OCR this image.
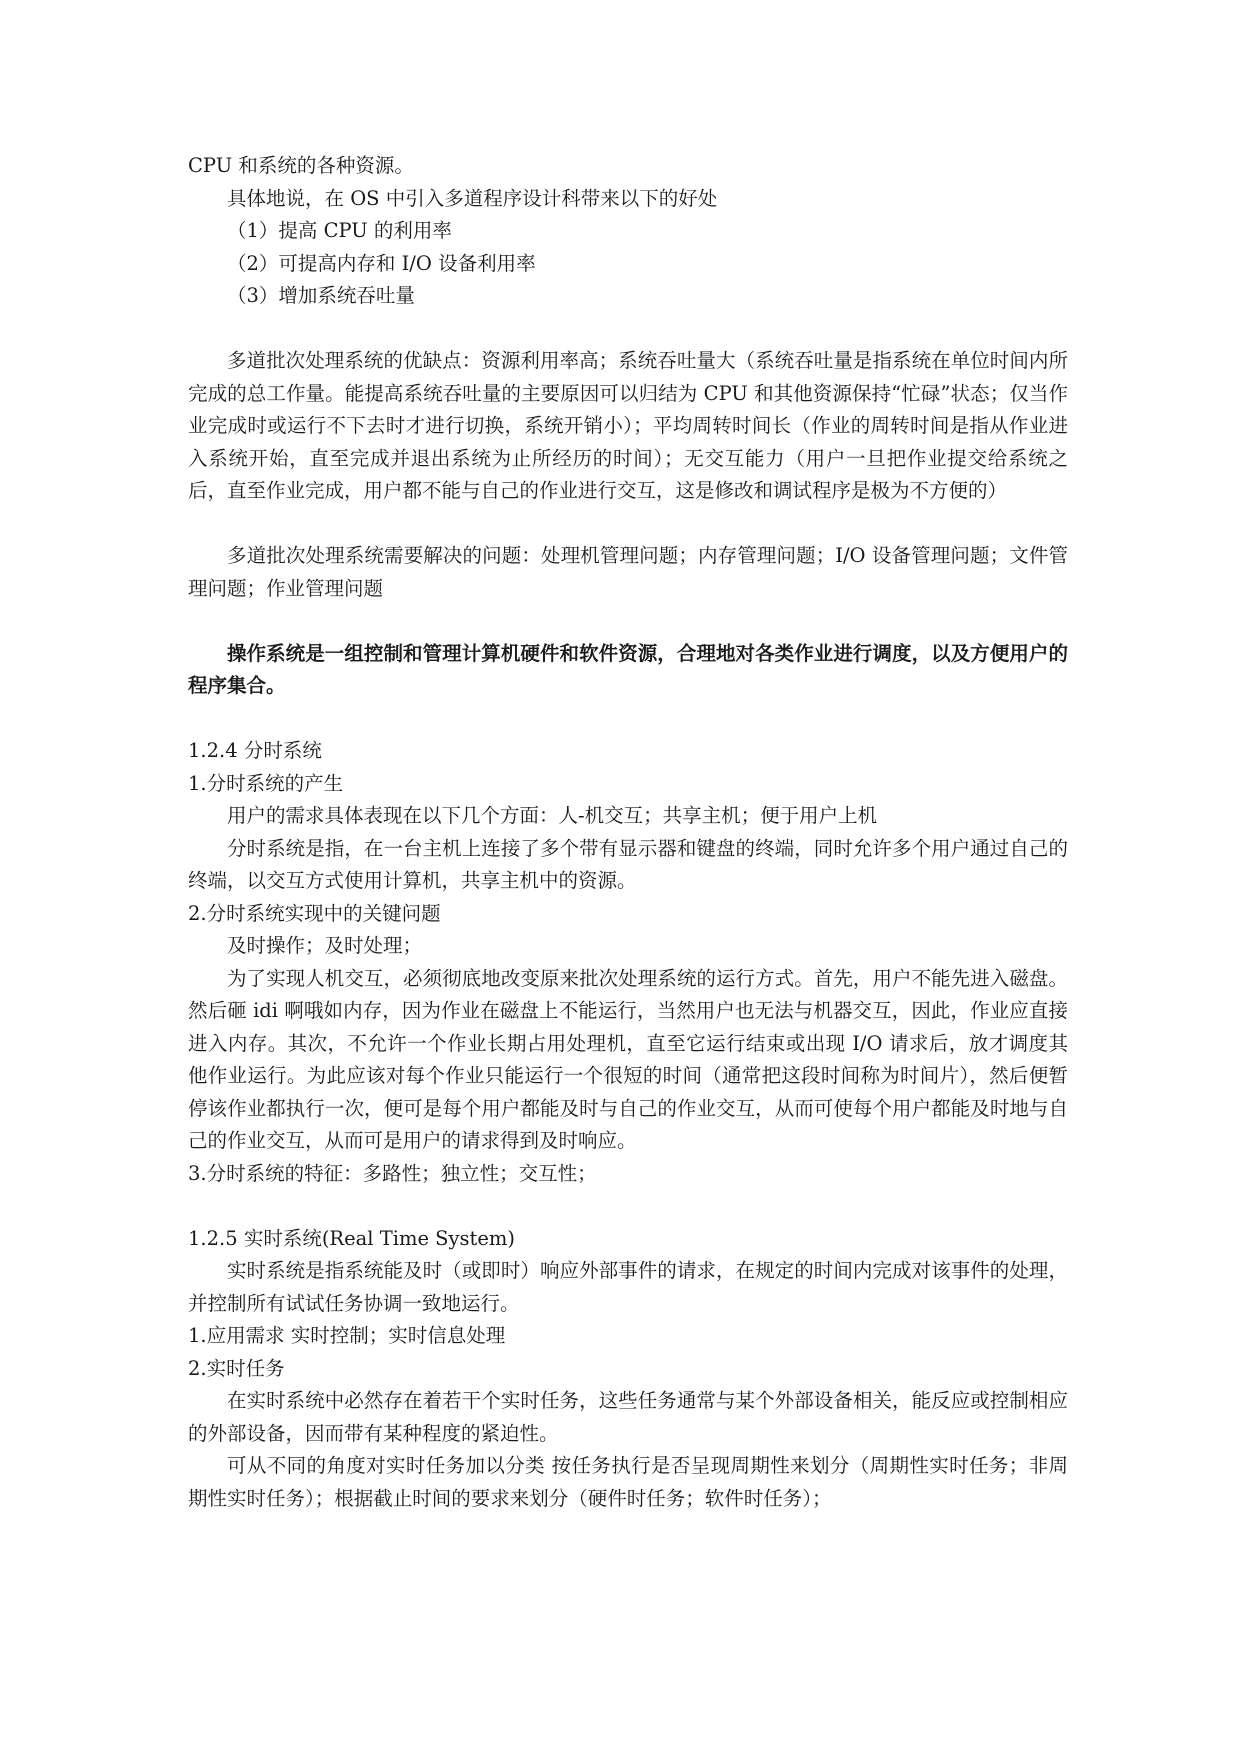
CPU 和系统的各种资源。

具体地说，在 OS 中引入多道程序设计科带来以下的好处

（1）提高 CPU 的利用率

（2）可提高内存和 I/O 设备利用率

（3）增加系统吞吐量

多道批次处理系统的优缺点：资源利用率高；系统吞吐量大（系统吞吐量是指系统在单位时间内所完成的总工作量。能提高系统吞吐量的主要原因可以归结为 CPU 和其他资源保持“忙碌”状态；仅当作业完成时或运行不下去时才进行切换，系统开销小）；平均周转时间长（作业的周转时间是指从作业进入系统开始，直至完成并退出系统为止所经历的时间）；无交互能力（用户一旦把作业提交给系统之后，直至作业完成，用户都不能与自己的作业进行交互，这是修改和调试程序是极为不方便的）

多道批次处理系统需要解决的问题：处理机管理问题；内存管理问题；I/O 设备管理问题；文件管理问题；作业管理问题

操作系统是一组控制和管理计算机硬件和软件资源，合理地对各类作业进行调度，以及方便用户的程序集合。

1.2.4 分时系统

1.分时系统的产生

用户的需求具体表现在以下几个方面：人-机交互；共享主机；便于用户上机

分时系统是指，在一台主机上连接了多个带有显示器和键盘的终端，同时允许多个用户通过自己的终端，以交互方式使用计算机，共享主机中的资源。

2.分时系统实现中的关键问题

及时操作；及时处理；

为了实现人机交互，必须彻底地改变原来批次处理系统的运行方式。首先，用户不能先进入磁盘。然后砸 idi 啊哦如内存，因为作业在磁盘上不能运行，当然用户也无法与机器交互，因此，作业应直接进入内存。其次，不允许一个作业长期占用处理机，直至它运行结束或出现 I/O 请求后，放才调度其他作业运行。为此应该对每个作业只能运行一个很短的时间（通常把这段时间称为时间片），然后便暂停该作业都执行一次，便可是每个用户都能及时与自己的作业交互，从而可使每个用户都能及时地与自己的作业交互，从而可是用户的请求得到及时响应。

3.分时系统的特征：多路性；独立性；交互性；

1.2.5 实时系统(Real Time System)

实时系统是指系统能及时（或即时）响应外部事件的请求，在规定的时间内完成对该事件的处理，并控制所有试试任务协调一致地运行。

1.应用需求 实时控制；实时信息处理

2.实时任务

在实时系统中必然存在着若干个实时任务，这些任务通常与某个外部设备相关，能反应或控制相应的外部设备，因而带有某种程度的紧迫性。

可从不同的角度对实时任务加以分类 按任务执行是否呈现周期性来划分（周期性实时任务；非周期性实时任务）；根据截止时间的要求来划分（硬件时任务；软件时任务）；
